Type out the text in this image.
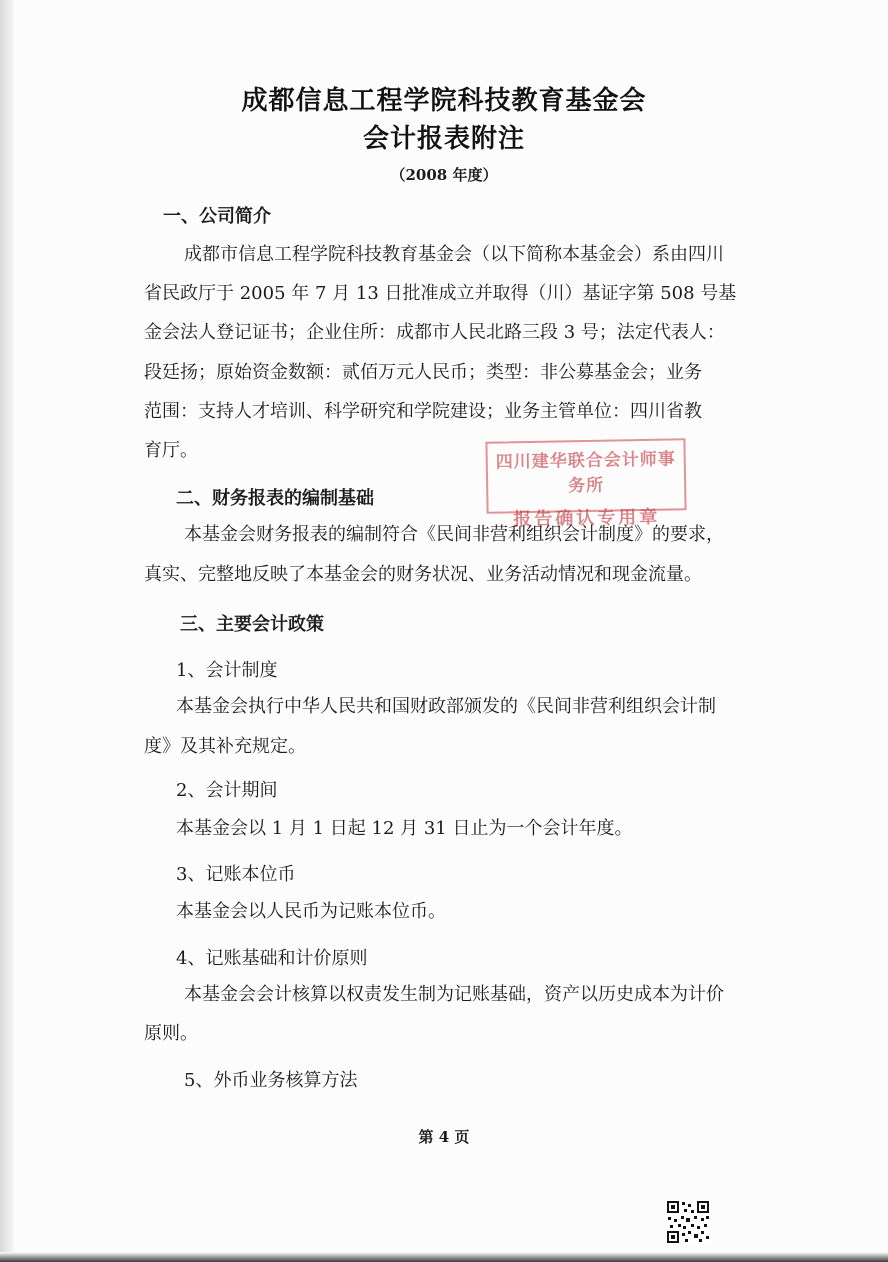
成都信息工程学院科技教育基金会
会计报表附注
（2008 年度）
一、公司简介
成都市信息工程学院科技教育基金会（以下简称本基金会）系由四川
省民政厅于 2005 年 7 月 13 日批准成立并取得（川）基证字第 508 号基
金会法人登记证书；企业住所：成都市人民北路三段 3 号；法定代表人：
段廷扬；原始资金数额：贰佰万元人民币；类型：非公募基金会；业务
范围：支持人才培训、科学研究和学院建设；业务主管单位：四川省教
育厅。
二、财务报表的编制基础
本基金会财务报表的编制符合《民间非营利组织会计制度》的要求，
真实、完整地反映了本基金会的财务状况、业务活动情况和现金流量。
三、主要会计政策
1、会计制度
本基金会执行中华人民共和国财政部颁发的《民间非营利组织会计制
度》及其补充规定。
2、会计期间
本基金会以 1 月 1 日起 12 月 31 日止为一个会计年度。
3、记账本位币
本基金会以人民币为记账本位币。
4、记账基础和计价原则
本基金会会计核算以权责发生制为记账基础，资产以历史成本为计价
原则。
5、外币业务核算方法
四川建华联合会计师事务所
报告确认专用章
第 4 页
